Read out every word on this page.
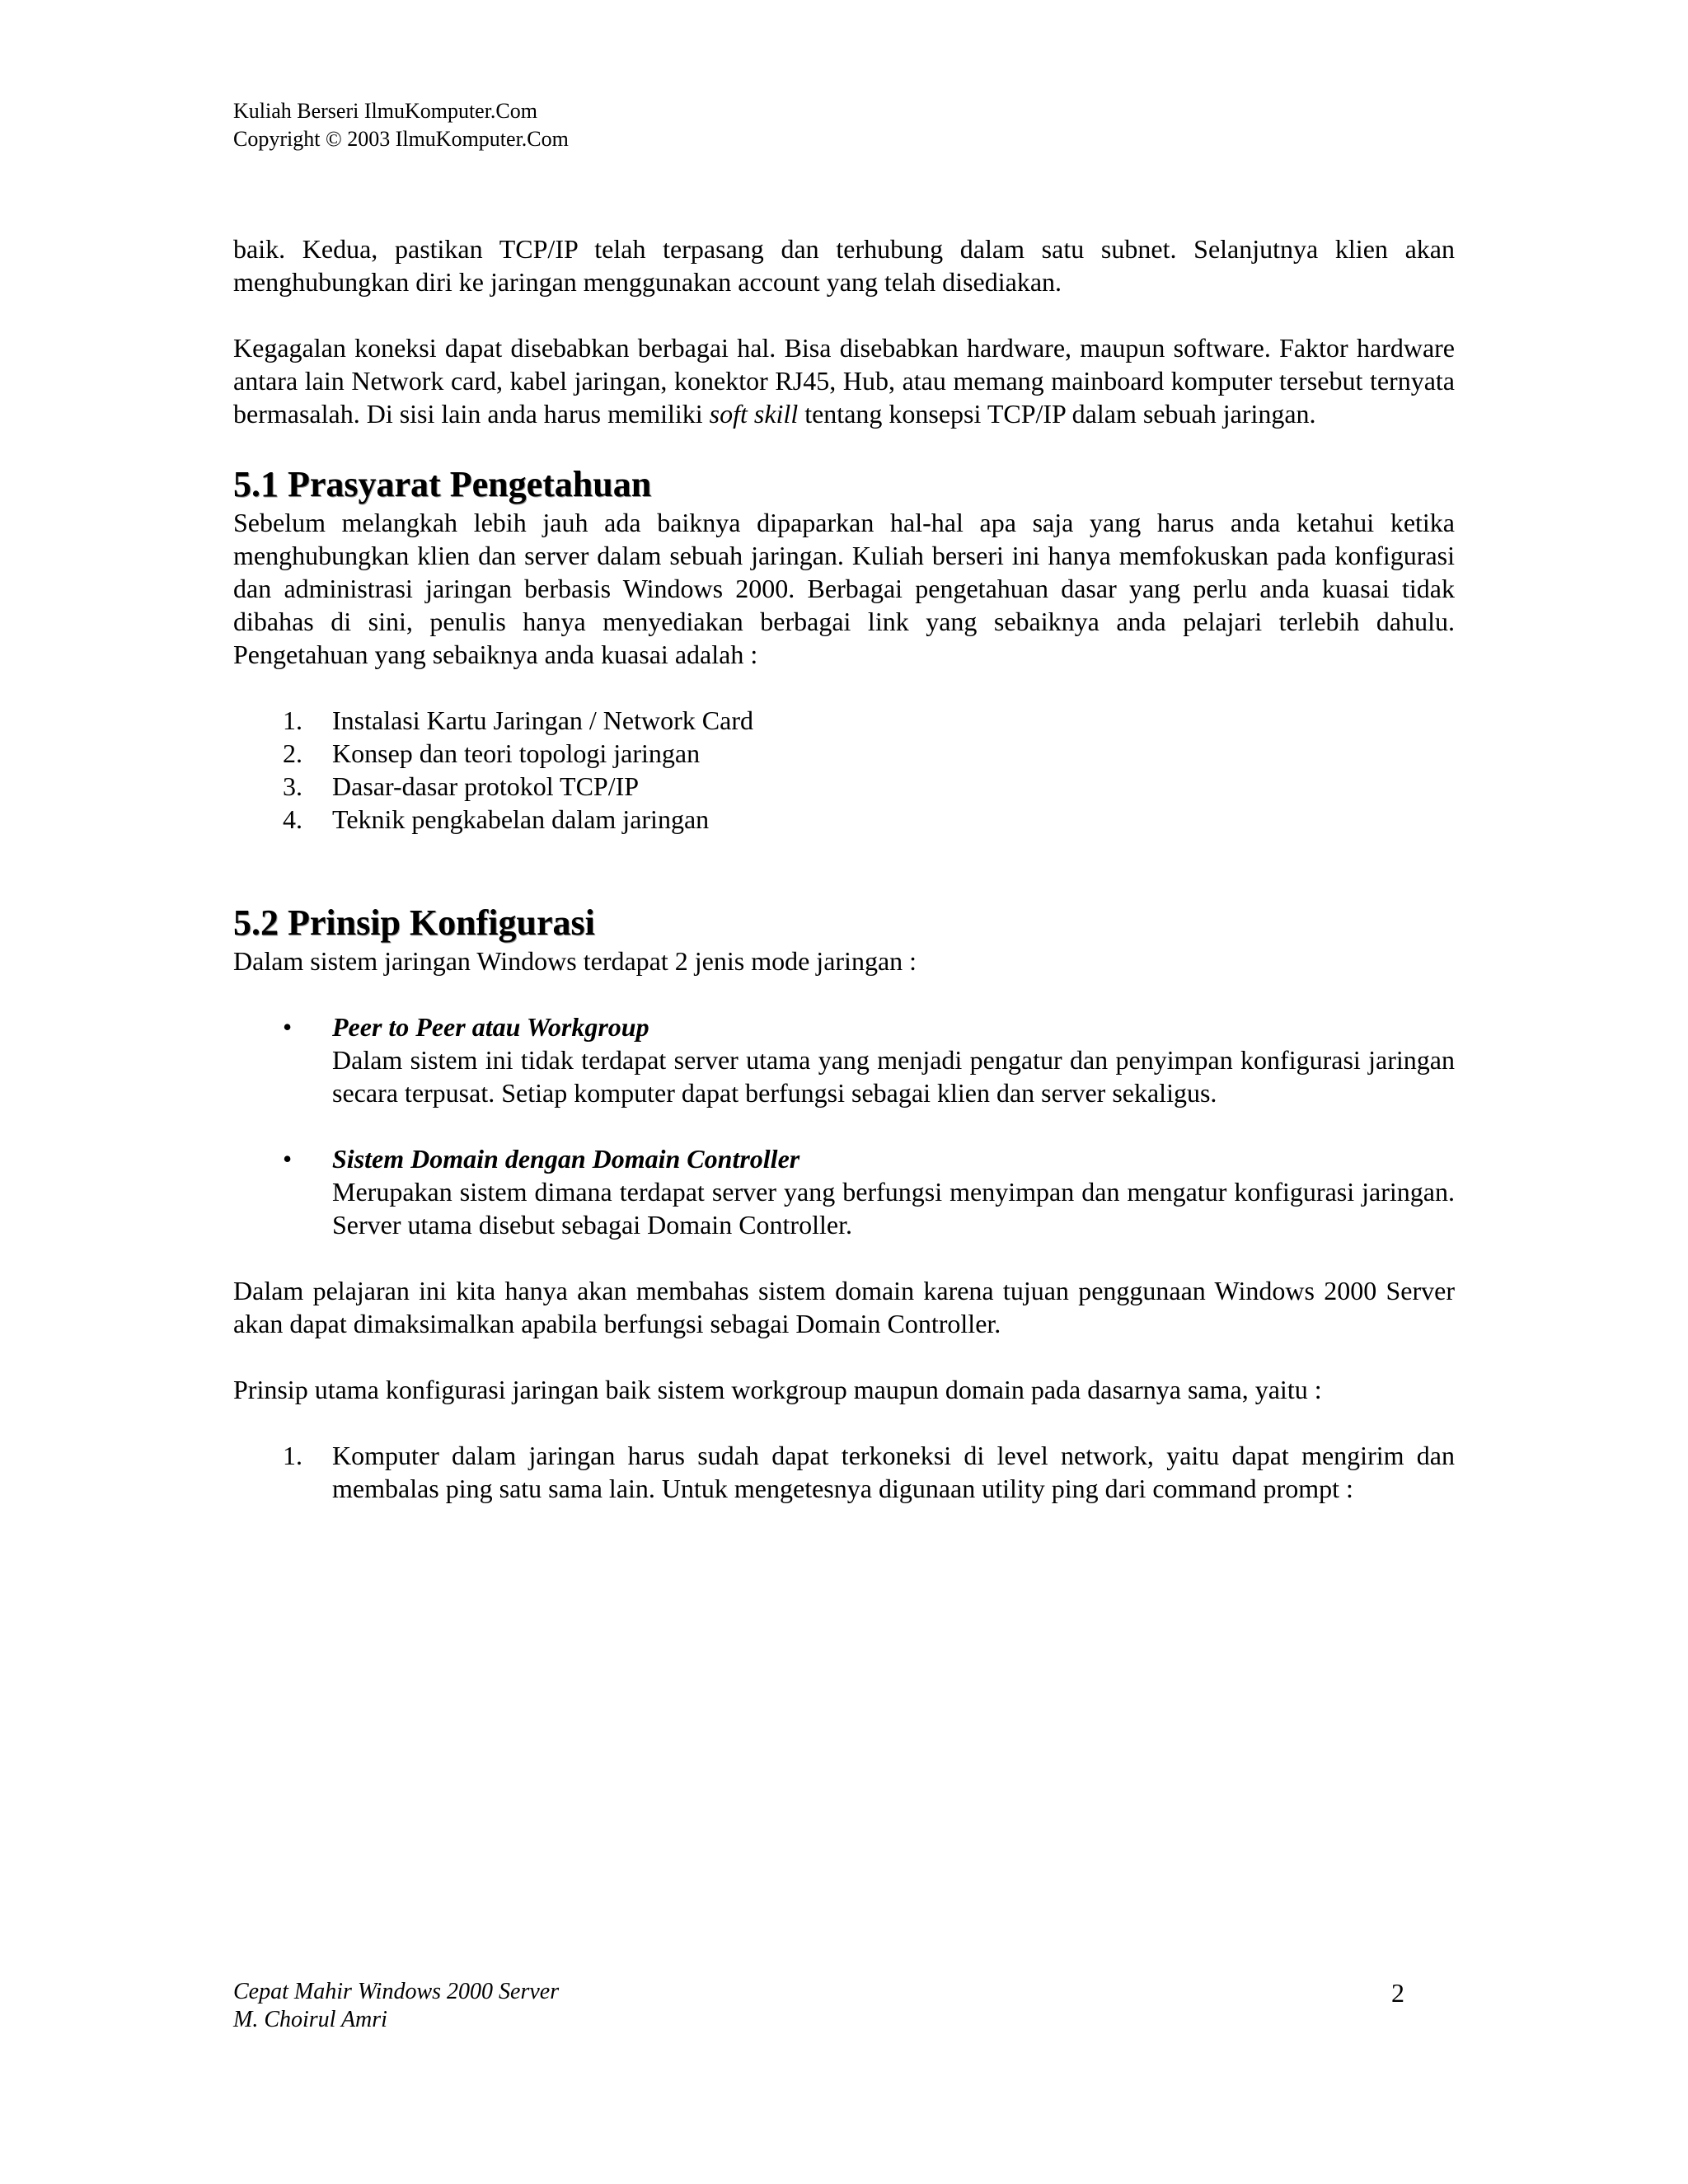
Kuliah Berseri IlmuKomputer.Com
Copyright © 2003 IlmuKomputer.Com

baik. Kedua, pastikan TCP/IP telah terpasang dan terhubung dalam satu subnet. Selanjutnya klien akan menghubungkan diri ke jaringan menggunakan account yang telah disediakan.

Kegagalan koneksi dapat disebabkan berbagai hal. Bisa disebabkan hardware, maupun software. Faktor hardware antara lain Network card, kabel jaringan, konektor RJ45, Hub, atau memang mainboard komputer tersebut ternyata bermasalah. Di sisi lain anda harus memiliki soft skill tentang konsepsi TCP/IP dalam sebuah jaringan.

5.1 Prasyarat Pengetahuan

Sebelum melangkah lebih jauh ada baiknya dipaparkan hal-hal apa saja yang harus anda ketahui ketika menghubungkan klien dan server dalam sebuah jaringan. Kuliah berseri ini hanya memfokuskan pada konfigurasi dan administrasi jaringan berbasis Windows 2000. Berbagai pengetahuan dasar yang perlu anda kuasai tidak dibahas di sini, penulis hanya menyediakan berbagai link yang sebaiknya anda pelajari terlebih dahulu. Pengetahuan yang sebaiknya anda kuasai adalah :

1. Instalasi Kartu Jaringan / Network Card
2. Konsep dan teori topologi jaringan
3. Dasar-dasar protokol TCP/IP
4. Teknik pengkabelan dalam jaringan
5.2 Prinsip Konfigurasi

Dalam sistem jaringan Windows terdapat 2 jenis mode jaringan :

• Peer to Peer atau Workgroup
Dalam sistem ini tidak terdapat server utama yang menjadi pengatur dan penyimpan konfigurasi jaringan secara terpusat. Setiap komputer dapat berfungsi sebagai klien dan server sekaligus.
• Sistem Domain dengan Domain Controller
Merupakan sistem dimana terdapat server yang berfungsi menyimpan dan mengatur konfigurasi jaringan. Server utama disebut sebagai Domain Controller.

Dalam pelajaran ini kita hanya akan membahas sistem domain karena tujuan penggunaan Windows 2000 Server akan dapat dimaksimalkan apabila berfungsi sebagai Domain Controller.

Prinsip utama konfigurasi jaringan baik sistem workgroup maupun domain pada dasarnya sama, yaitu :

1. Komputer dalam jaringan harus sudah dapat terkoneksi di level network, yaitu dapat mengirim dan membalas ping satu sama lain. Untuk mengetesnya digunaan utility ping dari command prompt :
Cepat Mahir Windows 2000 Server
M. Choirul Amri
2
